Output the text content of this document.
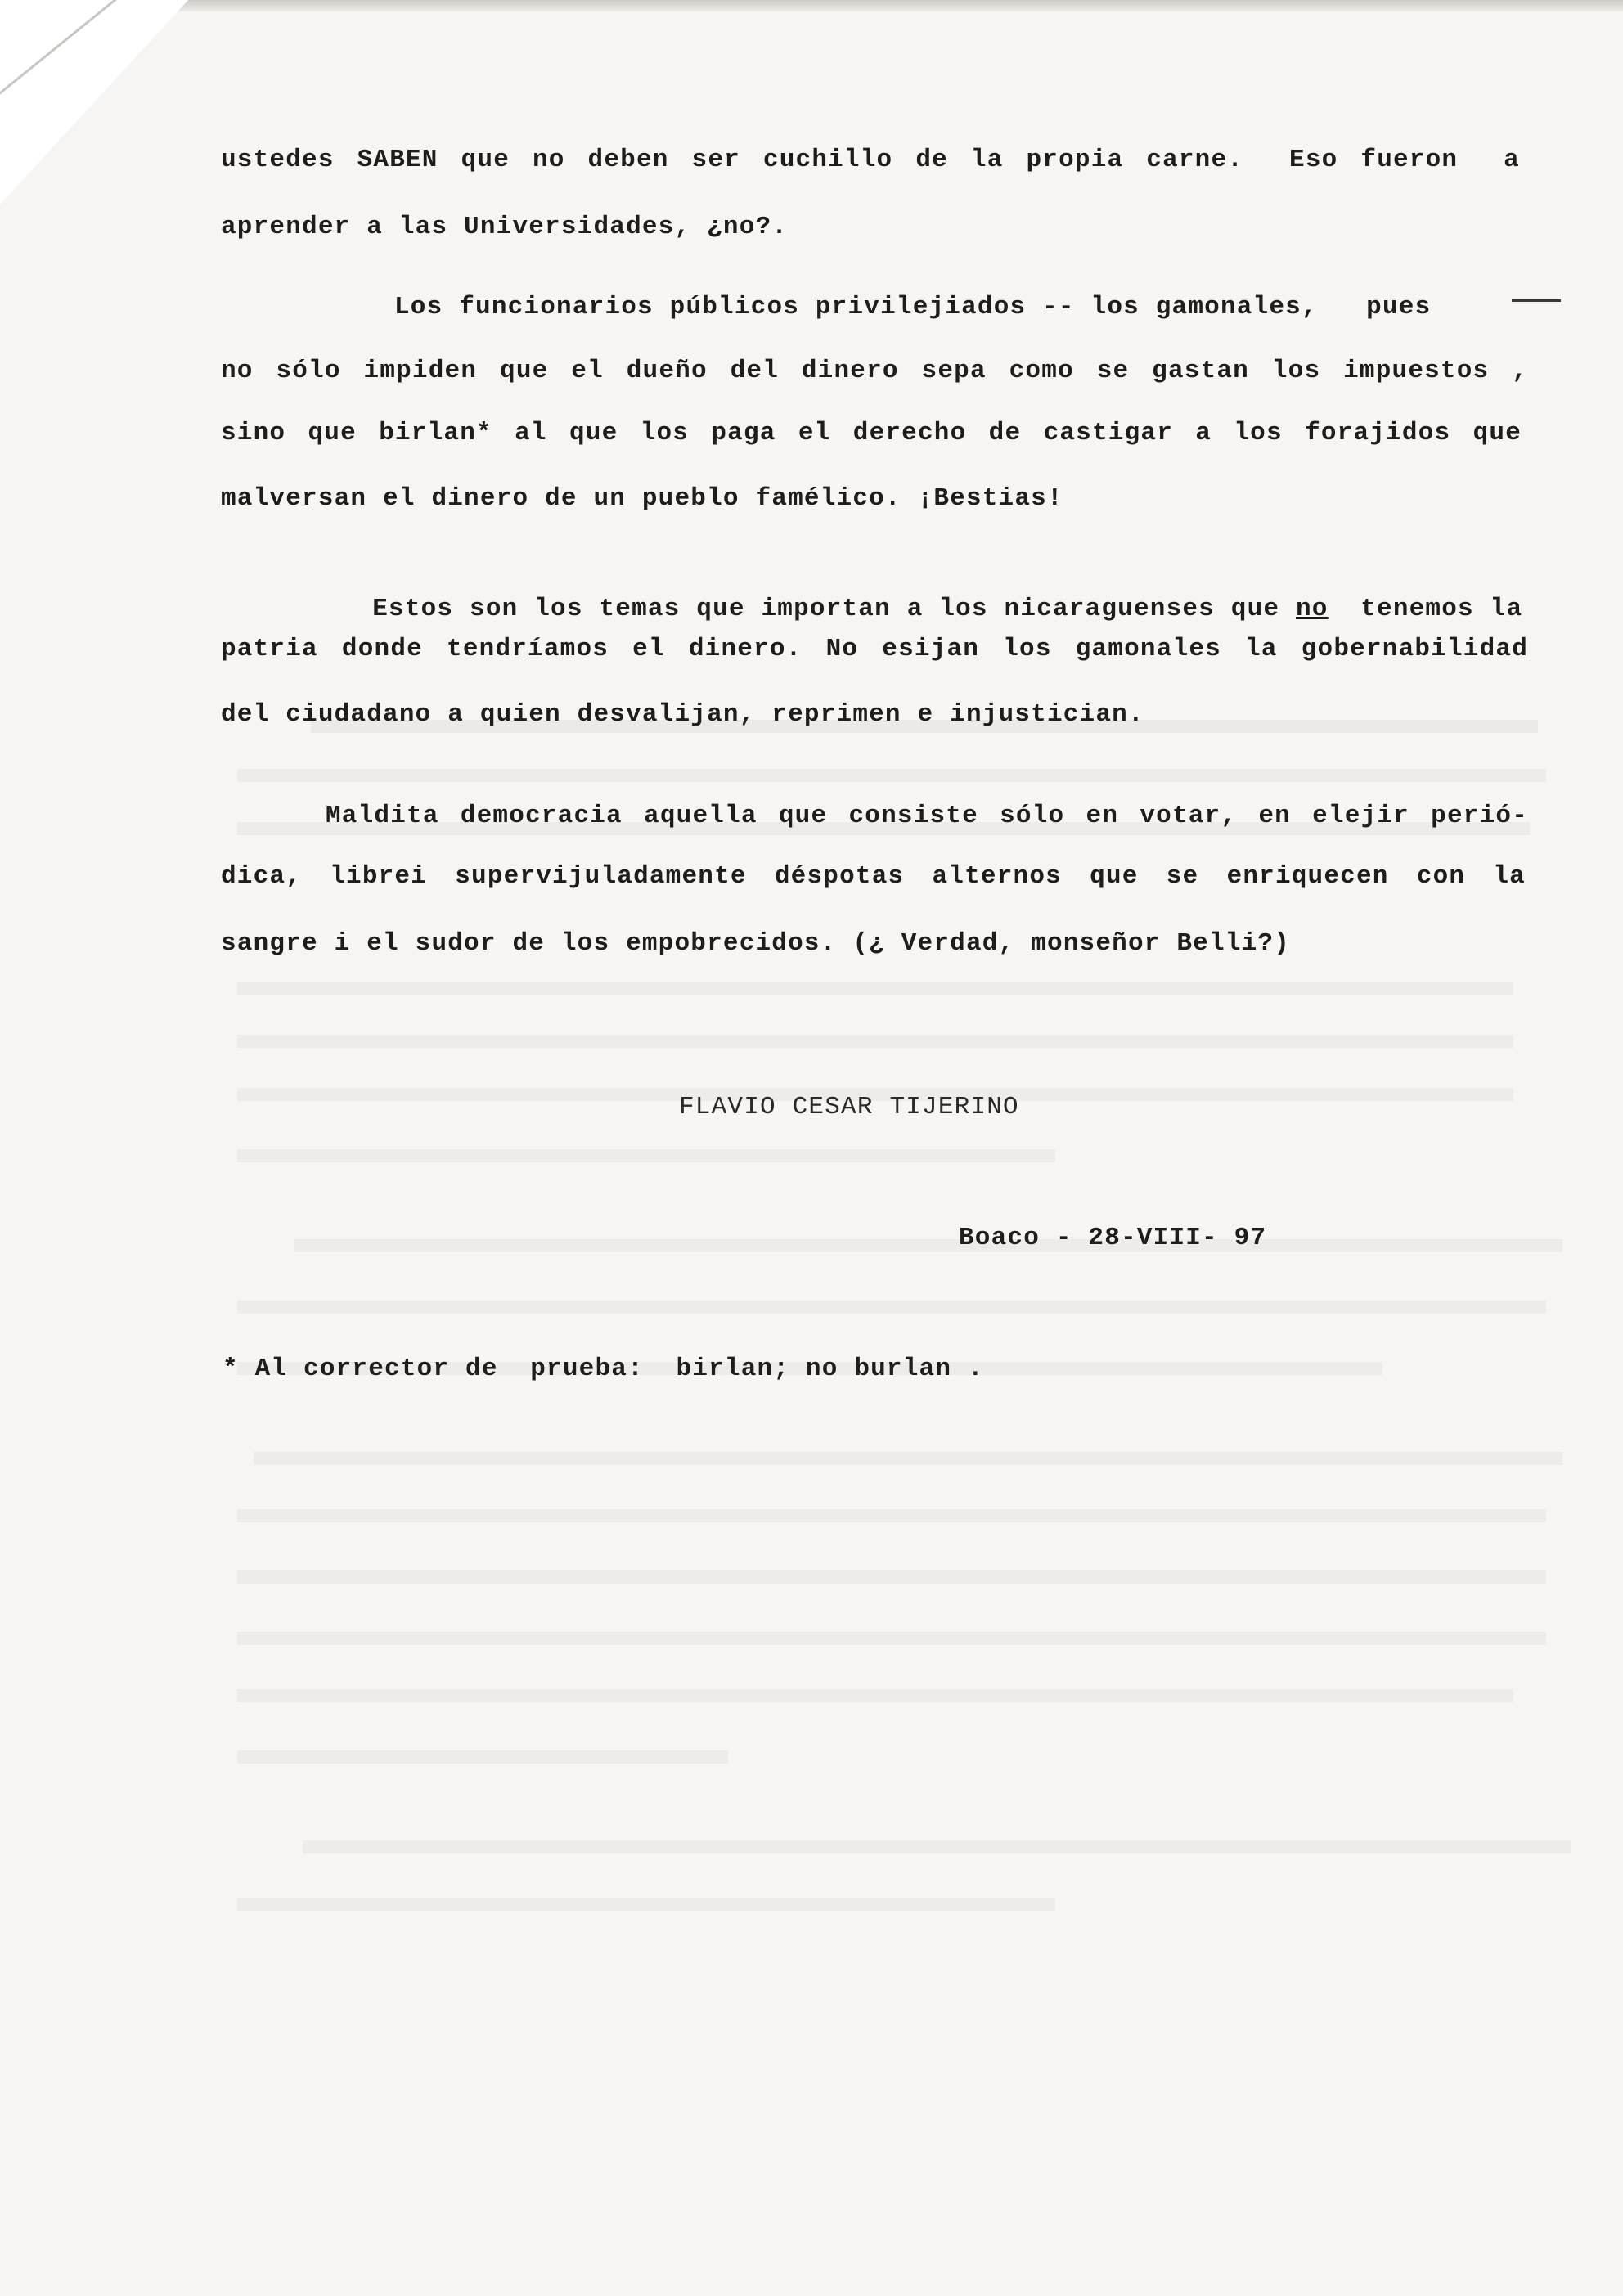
ustedes SABEN que no deben ser cuchillo de la propia carne.  Eso fueron  a
aprender a las Universidades, ¿no?.
Los funcionarios públicos privilejiados -- los gamonales,   pues
no sólo impiden que el dueño del dinero sepa como se gastan los impuestos ,
sino que birlan* al que los paga el derecho de castigar a los forajidos que
malversan el dinero de un pueblo famélico. ¡Bestias!

Estos son los temas que importan a los nicaraguenses que no  tenemos la

patria donde tendríamos el dinero. No esijan los gamonales la gobernabilidad
del ciudadano a quien desvalijan, reprimen e injustician.
Maldita democracia aquella que consiste sólo en votar, en elejir perió-
dica, librei supervijuladamente déspotas alternos que se enriquecen con la
sangre i el sudor de los empobrecidos. (¿ Verdad, monseñor Belli?)
FLAVIO CESAR TIJERINO
Boaco - 28-VIII- 97
* Al corrector de  prueba:  birlan; no burlan .
